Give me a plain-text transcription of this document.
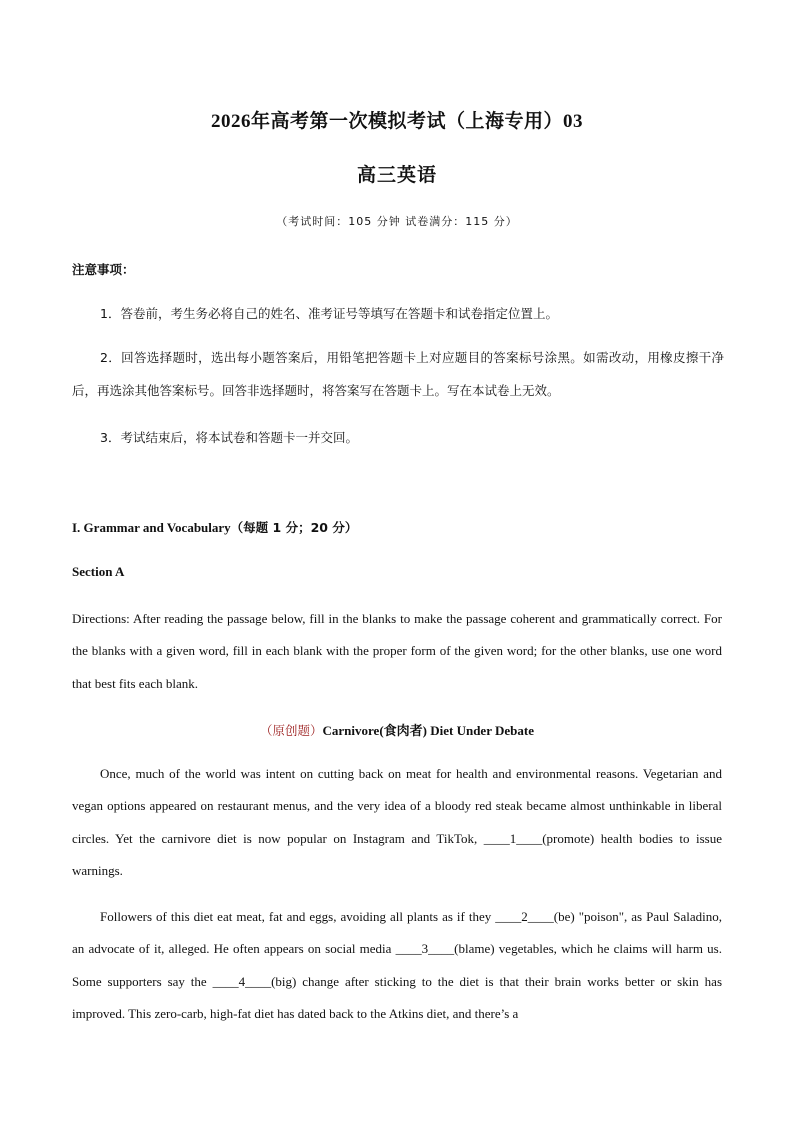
2026年高考第一次模拟考试（上海专用）03
高三英语
（考试时间：105 分钟 试卷满分：115 分）
注意事项：
1．答卷前，考生务必将自己的姓名、准考证号等填写在答题卡和试卷指定位置上。
2．回答选择题时，选出每小题答案后，用铅笔把答题卡上对应题目的答案标号涂黑。如需改动，用橡皮擦干净后，再选涂其他答案标号。回答非选择题时，将答案写在答题卡上。写在本试卷上无效。
3．考试结束后，将本试卷和答题卡一并交回。
I. Grammar and Vocabulary（每题 1 分；20 分）
Section A
Directions: After reading the passage below, fill in the blanks to make the passage coherent and grammatically correct. For the blanks with a given word, fill in each blank with the proper form of the given word; for the other blanks, use one word that best fits each blank.
（原创题）Carnivore(食肉者) Diet Under Debate
Once, much of the world was intent on cutting back on meat for health and environmental reasons. Vegetarian and vegan options appeared on restaurant menus, and the very idea of a bloody red steak became almost unthinkable in liberal circles. Yet the carnivore diet is now popular on Instagram and TikTok, ____1____(promote) health bodies to issue warnings.
Followers of this diet eat meat, fat and eggs, avoiding all plants as if they ____2____(be) "poison", as Paul Saladino, an advocate of it, alleged. He often appears on social media ____3____(blame) vegetables, which he claims will harm us. Some supporters say the ____4____(big) change after sticking to the diet is that their brain works better or skin has improved. This zero-carb, high-fat diet has dated back to the Atkins diet, and there’s a
